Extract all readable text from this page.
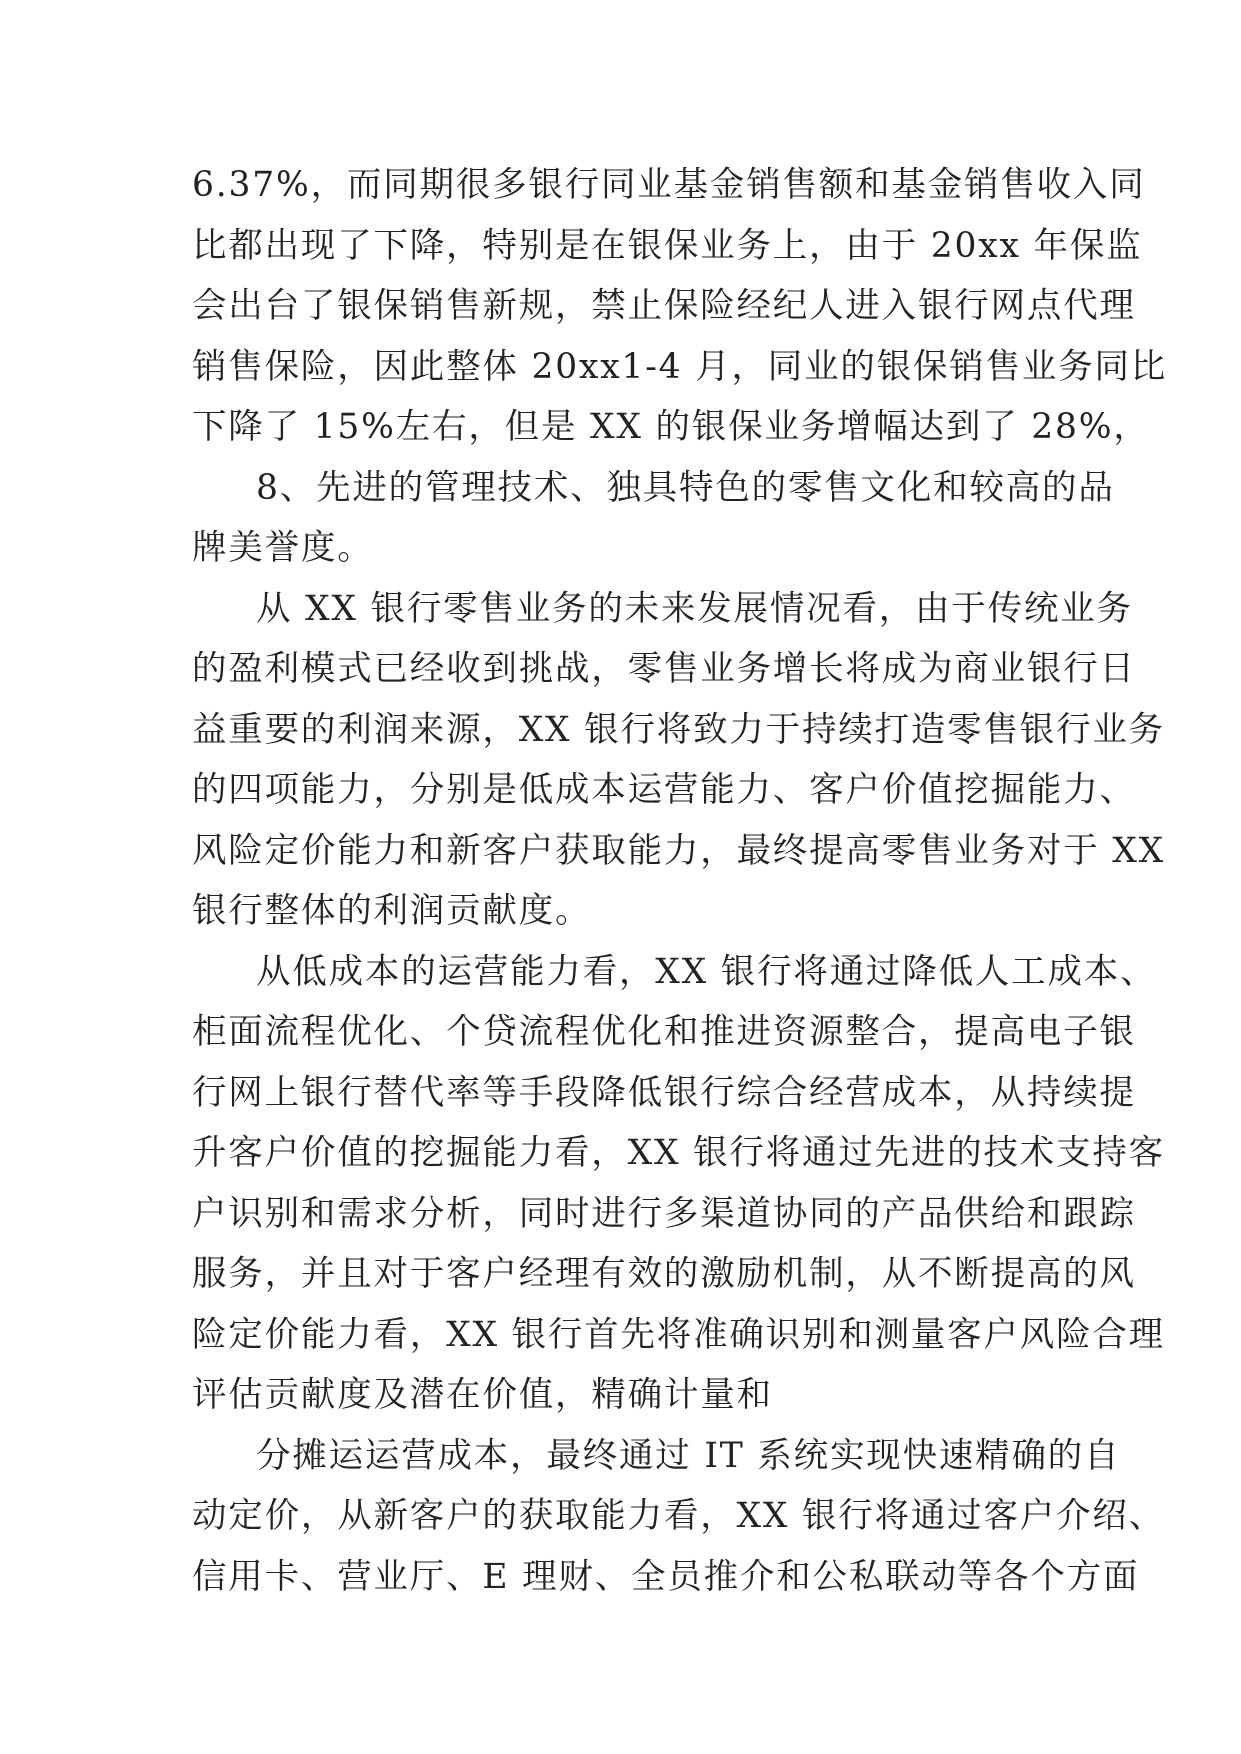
6.37%，而同期很多银行同业基金销售额和基金销售收入同
比都出现了下降，特别是在银保业务上，由于 20xx 年保监
会出台了银保销售新规，禁止保险经纪人进入银行网点代理
销售保险，因此整体 20xx1-4 月，同业的银保销售业务同比
下降了 15%左右，但是 XX 的银保业务增幅达到了 28%，
8、先进的管理技术、独具特色的零售文化和较高的品
牌美誉度。
从 XX 银行零售业务的未来发展情况看，由于传统业务
的盈利模式已经收到挑战，零售业务增长将成为商业银行日
益重要的利润来源，XX 银行将致力于持续打造零售银行业务
的四项能力，分别是低成本运营能力、客户价值挖掘能力、
风险定价能力和新客户获取能力，最终提高零售业务对于 XX
银行整体的利润贡献度。
从低成本的运营能力看，XX 银行将通过降低人工成本、
柜面流程优化、个贷流程优化和推进资源整合，提高电子银
行网上银行替代率等手段降低银行综合经营成本，从持续提
升客户价值的挖掘能力看，XX 银行将通过先进的技术支持客
户识别和需求分析，同时进行多渠道协同的产品供给和跟踪
服务，并且对于客户经理有效的激励机制，从不断提高的风
险定价能力看，XX 银行首先将准确识别和测量客户风险合理
评估贡献度及潜在价值，精确计量和
分摊运运营成本，最终通过 IT 系统实现快速精确的自
动定价，从新客户的获取能力看，XX 银行将通过客户介绍、
信用卡、营业厅、E 理财、全员推介和公私联动等各个方面
